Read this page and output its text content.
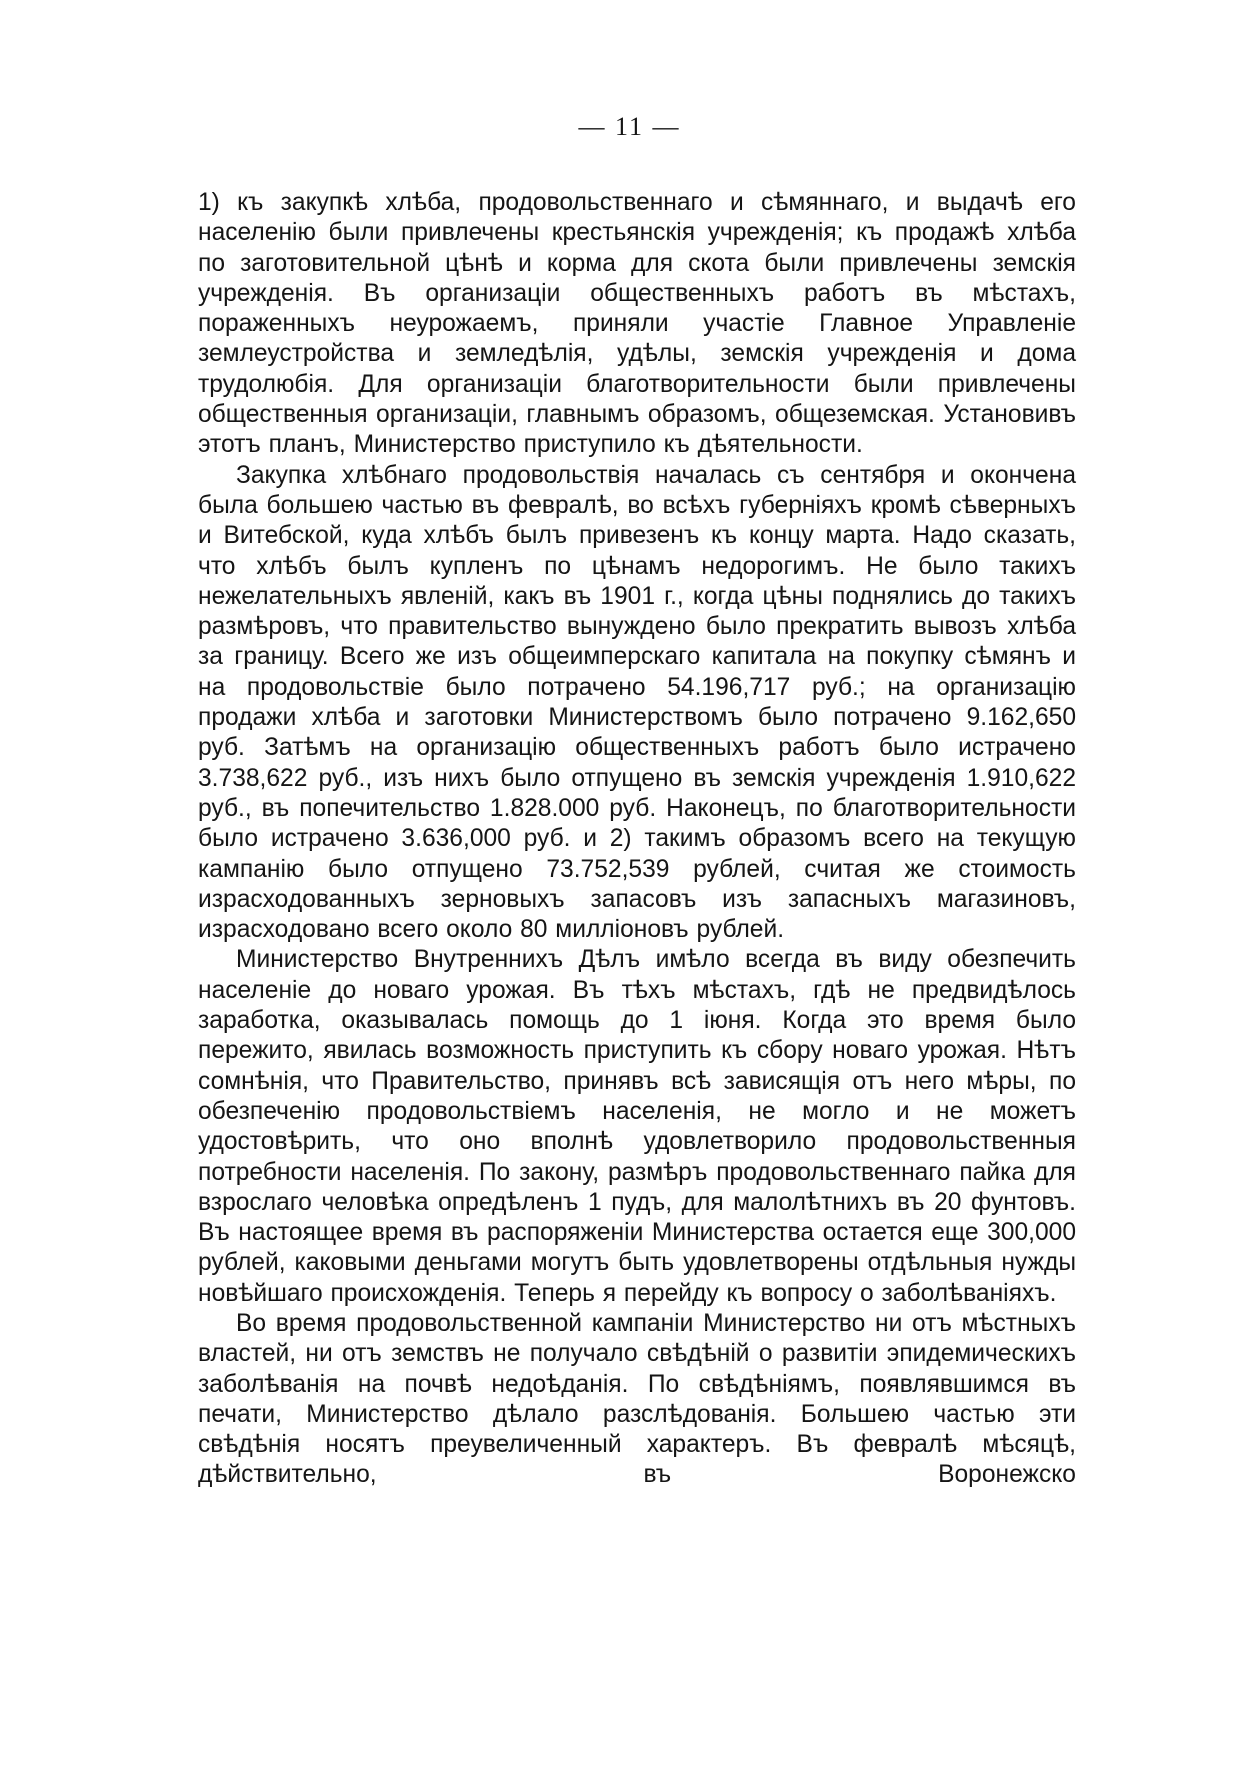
— 11 —

1) къ закупкѣ хлѣба, продовольственнаго и сѣмяннаго, и выдачѣ его населенію были привлечены крестьянскія учрежденія; къ продажѣ хлѣба по заготовительной цѣнѣ и корма для скота были привлечены земскія учрежденія. Въ организаціи общественныхъ работъ въ мѣстахъ, пораженныхъ неурожаемъ, приняли участіе Главное Управленіе землеустройства и земледѣлія, удѣлы, земскія учрежденія и дома трудолюбія. Для организаціи благотворительности были привлечены общественныя организаціи, главнымъ образомъ, общеземская. Установивъ этотъ планъ, Министерство приступило къ дѣятельности.

Закупка хлѣбнаго продовольствія началась съ сентября и окончена была большею частью въ февралѣ, во всѣхъ губерніяхъ кромѣ сѣверныхъ и Витебской, куда хлѣбъ былъ привезенъ къ концу марта. Надо сказать, что хлѣбъ былъ купленъ по цѣнамъ недорогимъ. Не было такихъ нежелательныхъ явленій, какъ въ 1901 г., когда цѣны поднялись до такихъ размѣровъ, что правительство вынуждено было прекратить вывозъ хлѣба за границу. Всего же изъ общеимперскаго капитала на покупку сѣмянъ и на продовольствіе было потрачено 54.196,717 руб.; на организацію продажи хлѣба и заготовки Министерствомъ было потрачено 9.162,650 руб. Затѣмъ на организацію общественныхъ работъ было истрачено 3.738,622 руб., изъ нихъ было отпущено въ земскія учрежденія 1.910,622 руб., въ попечительство 1.828.000 руб. Наконецъ, по благотворительности было истрачено 3.636,000 руб. и 2) такимъ образомъ всего на текущую кампанію было отпущено 73.752,539 рублей, считая же стоимость израсходованныхъ зерновыхъ запасовъ изъ запасныхъ магазиновъ, израсходовано всего около 80 милліоновъ рублей.

Министерство Внутреннихъ Дѣлъ имѣло всегда въ виду обезпечить населеніе до новаго урожая. Въ тѣхъ мѣстахъ, гдѣ не предвидѣлось заработка, оказывалась помощь до 1 іюня. Когда это время было пережито, явилась возможность приступить къ сбору новаго урожая. Нѣтъ сомнѣнія, что Правительство, принявъ всѣ зависящія отъ него мѣры, по обезпеченію продовольствіемъ населенія, не могло и не можетъ удостовѣрить, что оно вполнѣ удовлетворило продовольственныя потребности населенія. По закону, размѣръ продовольственнаго пайка для взрослаго человѣка опредѣленъ 1 пудъ, для малолѣтнихъ въ 20 фунтовъ. Въ настоящее время въ распоряженіи Министерства остается еще 300,000 рублей, каковыми деньгами могутъ быть удовлетворены отдѣльныя нужды новѣйшаго происхожденія. Теперь я перейду къ вопросу о заболѣваніяхъ.

Во время продовольственной кампаніи Министерство ни отъ мѣстныхъ властей, ни отъ земствъ не получало свѣдѣній о развитіи эпидемическихъ заболѣванія на почвѣ недоѣданія. По свѣдѣніямъ, появлявшимся въ печати, Министерство дѣлало разслѣдованія. Большею частью эти свѣдѣнія носятъ преувеличенный характеръ. Въ февралѣ мѣсяцѣ, дѣйствительно, въ Воронежско
